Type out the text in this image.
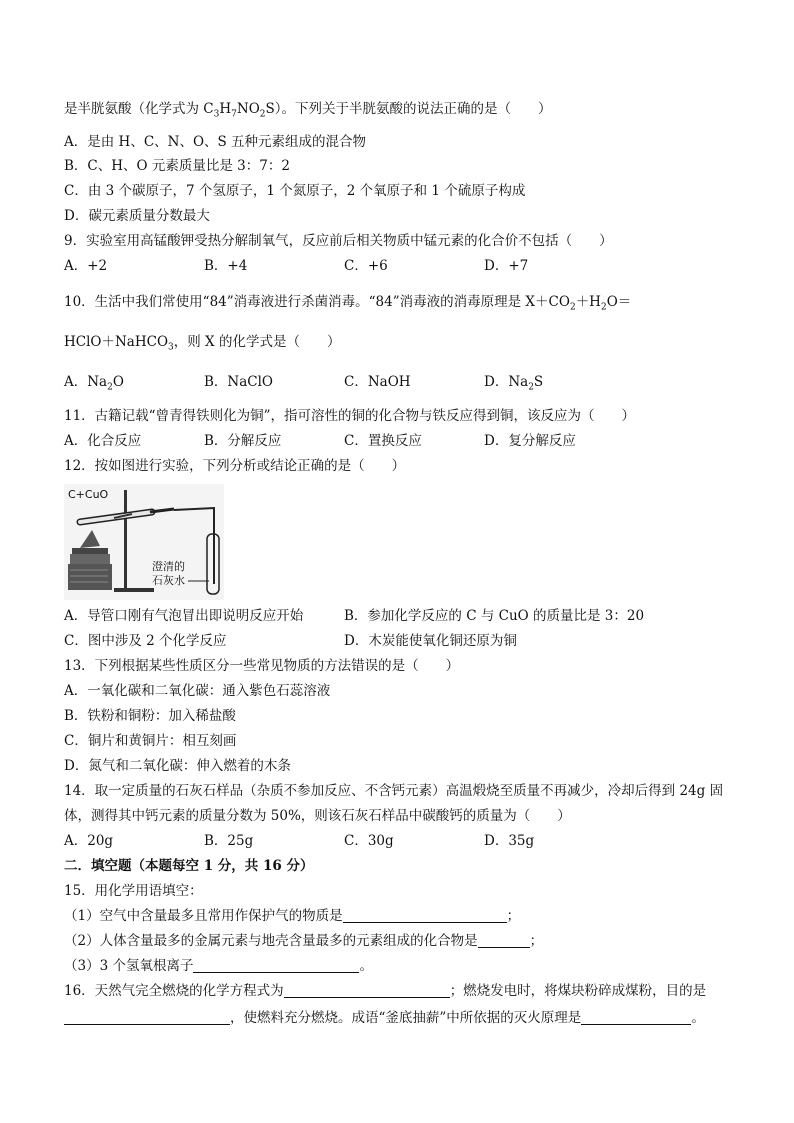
是半胱氨酸（化学式为 $C_3H_7NO_2S$）。下列关于半胱氨酸的说法正确的是（　　）
A．是由 H、C、N、O、S 五种元素组成的混合物
B．C、H、O 元素质量比是 3：7：2
C．由 3 个碳原子，7 个氢原子，1 个氮原子，2 个氧原子和 1 个硫原子构成
D．碳元素质量分数最大
9．实验室用高锰酸钾受热分解制氧气，反应前后相关物质中锰元素的化合价不包括（　　）
A．+2	B．+4	C．+6	D．+7
10．生活中我们常使用“84”消毒液进行杀菌消毒。“84”消毒液的消毒原理是 $X+CO_2+H_2O=$
HClO＋NaHCO$_3$，则 X 的化学式是（　　）
A．$Na_2O$	B．NaClO	C．NaOH	D．$Na_2S$
11．古籍记载“曾青得铁则化为铜”，指可溶性的铜的化合物与铁反应得到铜，该反应为（　　）
A．化合反应	B．分解反应	C．置换反应	D．复分解反应
12．按如图进行实验，下列分析或结论正确的是（　　）
C+CuO
澄清的
石灰水
A．导管口刚有气泡冒出即说明反应开始	B．参加化学反应的 C 与 CuO 的质量比是 3：20
C．图中涉及 2 个化学反应	D．木炭能使氧化铜还原为铜
13．下列根据某些性质区分一些常见物质的方法错误的是（　　）
A．一氧化碳和二氧化碳：通入紫色石蕊溶液
B．铁粉和铜粉：加入稀盐酸
C．铜片和黄铜片：相互刻画
D．氮气和二氧化碳：伸入燃着的木条
14．取一定质量的石灰石样品（杂质不参加反应、不含钙元素）高温煅烧至质量不再减少，冷却后得到 24g 固
体，测得其中钙元素的质量分数为 50%，则该石灰石样品中碳酸钙的质量为（　　）
A．20g	B．25g	C．30g	D．35g
二．填空题（本题每空 1 分，共 16 分）
15．用化学用语填空：
（1）空气中含量最多且常用作保护气的物质是	；
（2）人体含量最多的金属元素与地壳含量最多的元素组成的化合物是	；
（3）3 个氢氧根离子	。
16．天然气完全燃烧的化学方程式为	；燃烧发电时，将煤块粉碎成煤粉，目的是
，使燃料充分燃烧。成语“釜底抽薪”中所依据的灭火原理是	。
